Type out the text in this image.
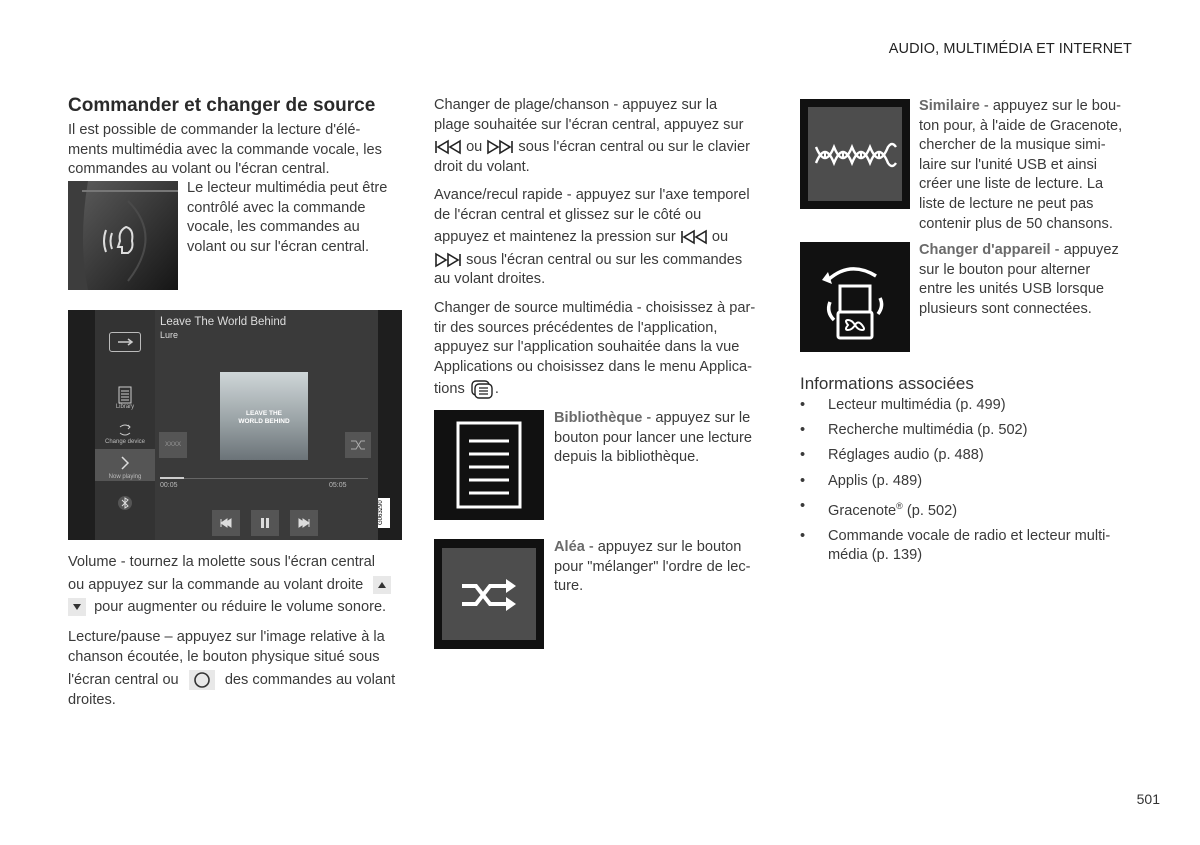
AUDIO, MULTIMÉDIA ET INTERNET
Commander et changer de source

Il est possible de commander la lecture d'élé-

ments multimédia avec la commande vocale, les

commandes au volant ou l'écran central.

Le lecteur multimédia peut être

contrôlé avec la commande

vocale, les commandes au

volant ou sur l'écran central.

Library
Change device
Now playing
Leave The World Behind
Lure
LEAVE THE
WORLD BEHIND
XXXX
00:05	05:05
G063290

Volume - tournez la molette sous l'écran central

ou appuyez sur la commande au volant droite

pour augmenter ou réduire le volume sonore.

Lecture/pause – appuyez sur l'image relative à la

chanson écoutée, le bouton physique situé sous

l'écran central ou	des commandes au volant

droites.

Changer de plage/chanson - appuyez sur la

plage souhaitée sur l'écran central, appuyez sur

ou sous l'écran central ou sur le clavier

droit du volant.

Avance/recul rapide - appuyez sur l'axe temporel

de l'écran central et glissez sur le côté ou

appuyez et maintenez la pression sur ou

sous l'écran central ou sur les commandes

au volant droites.

Changer de source multimédia - choisissez à par-

tir des sources précédentes de l'application,

appuyez sur l'application souhaitée dans la vue

Applications ou choisissez dans le menu Applica-

tions .

Bibliothèque - appuyez sur le

bouton pour lancer une lecture

depuis la bibliothèque.

Aléa - appuyez sur le bouton

pour "mélanger" l'ordre de lec-

ture.

Similaire - appuyez sur le bou-

ton pour, à l'aide de Gracenote,

chercher de la musique simi-

laire sur l'unité USB et ainsi

créer une liste de lecture. La

liste de lecture ne peut pas

contenir plus de 50 chansons.

Changer d'appareil - appuyez

sur le bouton pour alterner

entre les unités USB lorsque

plusieurs sont connectées.

Informations associées
• Lecteur multimédia (p. 499)
• Recherche multimédia (p. 502)
• Réglages audio (p. 488)
• Applis (p. 489)
• Gracenote® (p. 502)
• Commande vocale de radio et lecteur multi-
média (p. 139)
501
